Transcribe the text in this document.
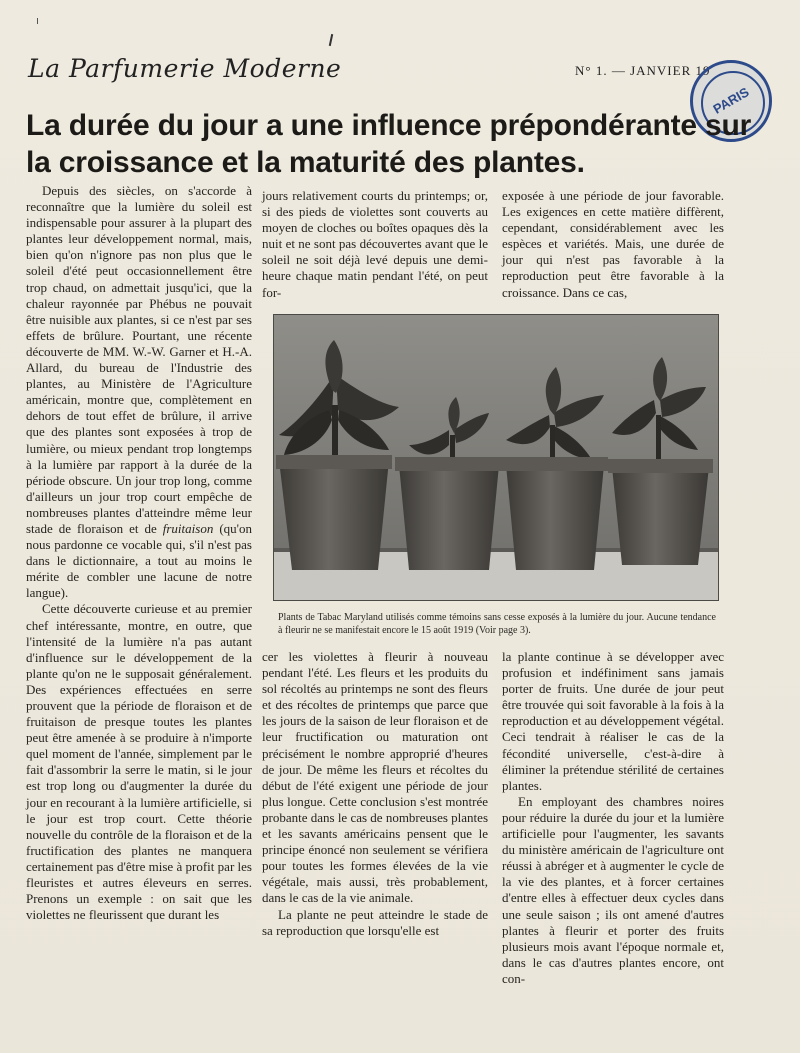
La Parfumerie Moderne	N° 1. — JANVIER 19
PARIS
La durée du jour a une influence prépondérante sur la croissance et la maturité des plantes.

Depuis des siècles, on s'accorde à reconnaître que la lumière du soleil est indispensable pour assurer à la plupart des plantes leur développement normal, mais, bien qu'on n'ignore pas non plus que le soleil d'été peut occasionnellement être trop chaud, on admettait jusqu'ici, que la chaleur rayonnée par Phébus ne pouvait être nuisible aux plantes, si ce n'est par ses effets de brûlure. Pourtant, une récente découverte de MM. W.-W. Garner et H.-A. Allard, du bureau de l'Industrie des plantes, au Ministère de l'Agriculture américain, montre que, complètement en dehors de tout effet de brûlure, il arrive que des plantes sont exposées à trop de lumière, ou mieux pendant trop longtemps à la lumière par rapport à la durée de la période obscure. Un jour trop long, comme d'ailleurs un jour trop court empêche de nombreuses plantes d'atteindre même leur stade de floraison et de fruitaison (qu'on nous pardonne ce vocable qui, s'il n'est pas dans le dictionnaire, a tout au moins le mérite de combler une lacune de notre langue).

Cette découverte curieuse et au premier chef intéressante, montre, en outre, que l'intensité de la lumière n'a pas autant d'influence sur le développement de la plante qu'on ne le supposait généralement. Des expériences effectuées en serre prouvent que la période de floraison et de fruitaison de presque toutes les plantes peut être amenée à se produire à n'importe quel moment de l'année, simplement par le fait d'assombrir la serre le matin, si le jour est trop long ou d'augmenter la durée du jour en recourant à la lumière artificielle, si le jour est trop court. Cette théorie nouvelle du contrôle de la floraison et de la fructification des plantes ne manquera certainement pas d'être mise à profit par les fleuristes et autres éleveurs en serres. Prenons un exemple : on sait que les violettes ne fleurissent que durant les

jours relativement courts du printemps; or, si des pieds de violettes sont couverts au moyen de cloches ou boîtes opaques dès la nuit et ne sont pas découvertes avant que le soleil ne soit déjà levé depuis une demi-heure chaque matin pendant l'été, on peut for-

exposée à une période de jour favorable. Les exigences en cette matière diffèrent, cependant, considérablement avec les espèces et variétés. Mais, une durée de jour qui n'est pas favorable à la reproduction peut être favorable à la croissance. Dans ce cas,

Plants de Tabac Maryland utilisés comme témoins sans cesse exposés à la lumière du jour. Aucune tendance à fleurir ne se manifestait encore le 15 août 1919 (Voir page 3).

cer les violettes à fleurir à nouveau pendant l'été. Les fleurs et les produits du sol récoltés au printemps ne sont des fleurs et des récoltes de printemps que parce que les jours de la saison de leur floraison et de leur fructification ou maturation ont précisément le nombre approprié d'heures de jour. De même les fleurs et récoltes du début de l'été exigent une période de jour plus longue. Cette conclusion s'est montrée probante dans le cas de nombreuses plantes et les savants américains pensent que le principe énoncé non seulement se vérifiera pour toutes les formes élevées de la vie végétale, mais aussi, très probablement, dans le cas de la vie animale.

La plante ne peut atteindre le stade de sa reproduction que lorsqu'elle est

la plante continue à se développer avec profusion et indéfiniment sans jamais porter de fruits. Une durée de jour peut être trouvée qui soit favorable à la fois à la reproduction et au développement végétal. Ceci tendrait à réaliser le cas de la fécondité universelle, c'est-à-dire à éliminer la prétendue stérilité de certaines plantes.

En employant des chambres noires pour réduire la durée du jour et la lumière artificielle pour l'augmenter, les savants du ministère américain de l'agriculture ont réussi à abréger et à augmenter le cycle de la vie des plantes, et à forcer certaines d'entre elles à effectuer deux cycles dans une seule saison ; ils ont amené d'autres plantes à fleurir et porter des fruits plusieurs mois avant l'époque normale et, dans le cas d'autres plantes encore, ont con-
